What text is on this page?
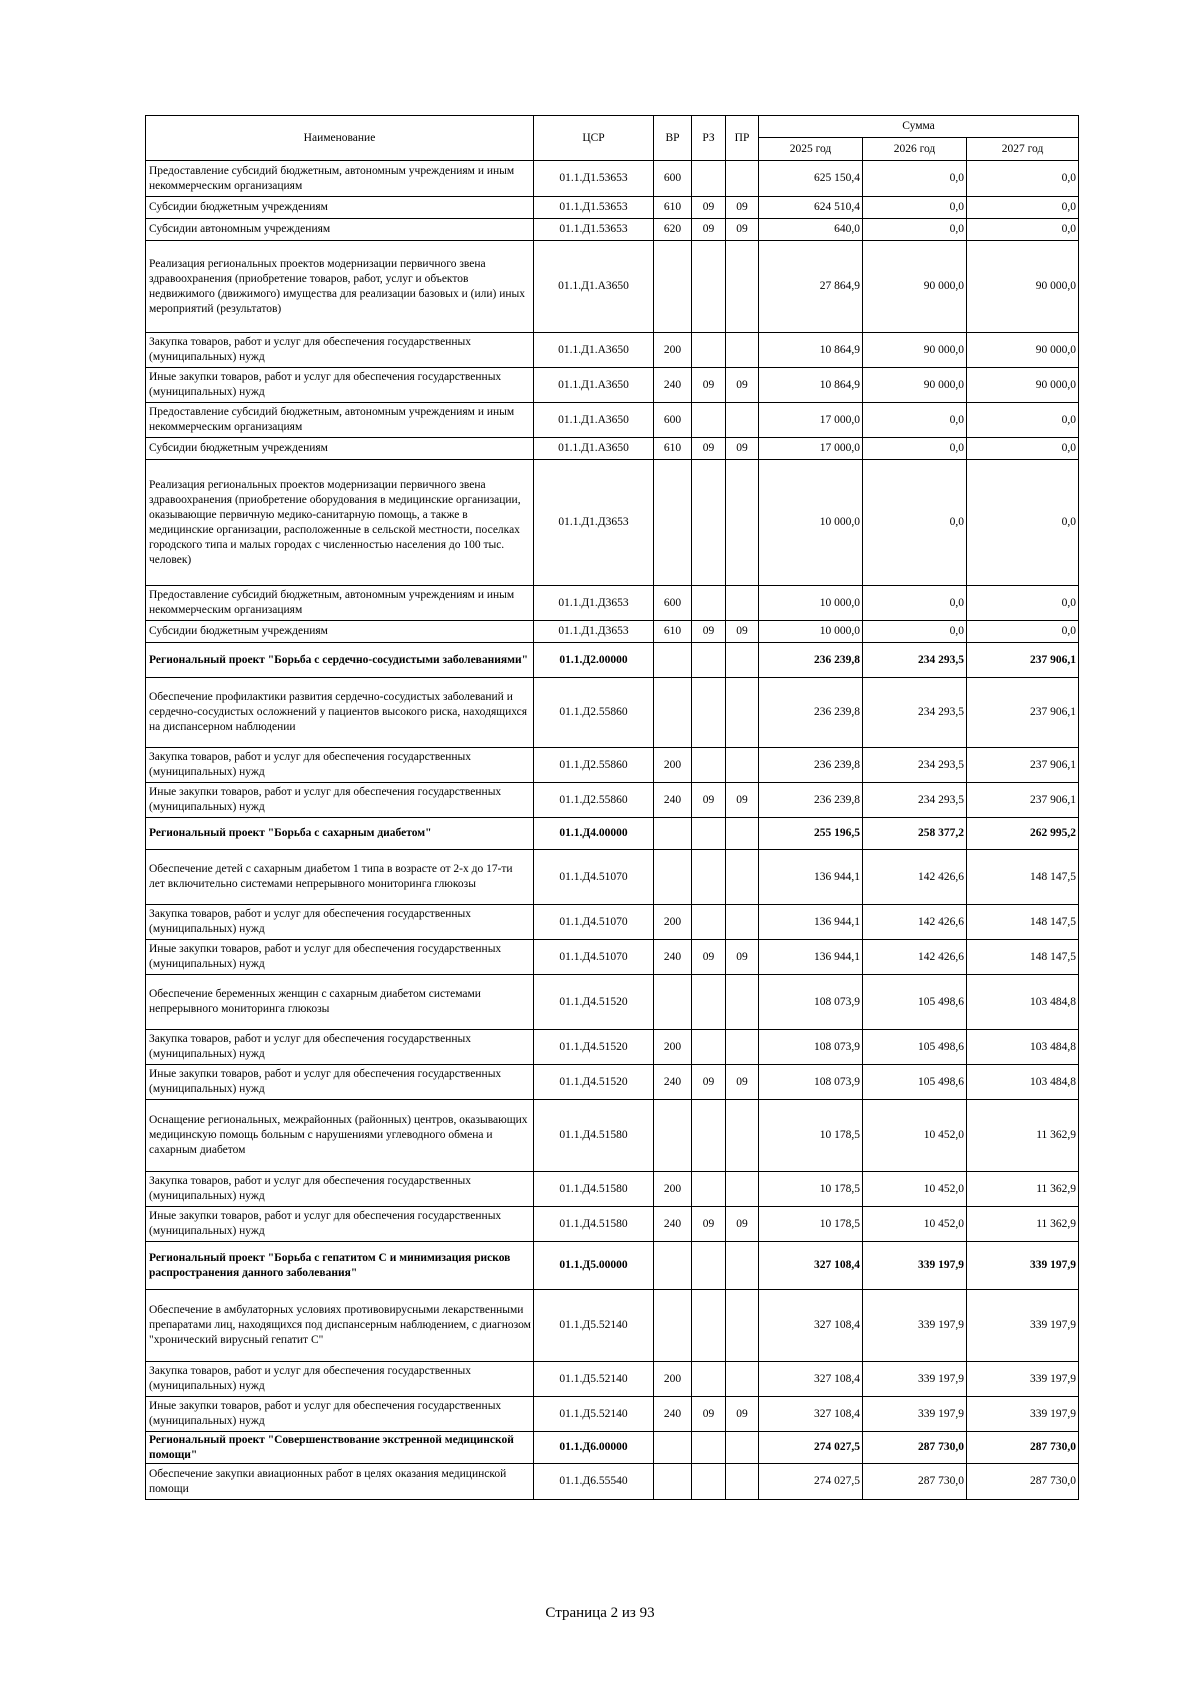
Наименование	ЦСР	ВР	РЗ	ПР	Сумма		
					2025 год	2026 год	2027 год
Предоставление субсидий бюджетным, автономным учреждениям и иным некоммерческим организациям	01.1.Д1.53653	600			625 150,4	0,0	0,0
Субсидии бюджетным учреждениям	01.1.Д1.53653	610	09	09	624 510,4	0,0	0,0
Субсидии автономным учреждениям	01.1.Д1.53653	620	09	09	640,0	0,0	0,0
Реализация региональных проектов модернизации первичного звена здравоохранения (приобретение товаров, работ, услуг и объектов недвижимого (движимого) имущества для реализации базовых и (или) иных мероприятий (результатов)	01.1.Д1.А3650				27 864,9	90 000,0	90 000,0
Закупка товаров, работ и услуг для обеспечения государственных (муниципальных) нужд	01.1.Д1.А3650	200			10 864,9	90 000,0	90 000,0
Иные закупки товаров, работ и услуг для обеспечения государственных (муниципальных) нужд	01.1.Д1.А3650	240	09	09	10 864,9	90 000,0	90 000,0
Предоставление субсидий бюджетным, автономным учреждениям и иным некоммерческим организациям	01.1.Д1.А3650	600			17 000,0	0,0	0,0
Субсидии бюджетным учреждениям	01.1.Д1.А3650	610	09	09	17 000,0	0,0	0,0
Реализация региональных проектов модернизации первичного звена здравоохранения (приобретение оборудования в медицинские организации, оказывающие первичную медико-санитарную помощь, а также в медицинские организации, расположенные в сельской местности, поселках городского типа и малых городах с численностью населения до 100 тыс. человек)	01.1.Д1.Д3653				10 000,0	0,0	0,0
Предоставление субсидий бюджетным, автономным учреждениям и иным некоммерческим организациям	01.1.Д1.Д3653	600			10 000,0	0,0	0,0
Субсидии бюджетным учреждениям	01.1.Д1.Д3653	610	09	09	10 000,0	0,0	0,0
Региональный проект "Борьба с сердечно-сосудистыми заболеваниями"	01.1.Д2.00000				236 239,8	234 293,5	237 906,1
Обеспечение профилактики развития сердечно-сосудистых заболеваний и сердечно-сосудистых осложнений у пациентов высокого риска, находящихся на диспансерном наблюдении	01.1.Д2.55860				236 239,8	234 293,5	237 906,1
Закупка товаров, работ и услуг для обеспечения государственных (муниципальных) нужд	01.1.Д2.55860	200			236 239,8	234 293,5	237 906,1
Иные закупки товаров, работ и услуг для обеспечения государственных (муниципальных) нужд	01.1.Д2.55860	240	09	09	236 239,8	234 293,5	237 906,1
Региональный проект "Борьба с сахарным диабетом"	01.1.Д4.00000				255 196,5	258 377,2	262 995,2
Обеспечение детей с сахарным диабетом 1 типа в возрасте от 2-х до 17-ти лет включительно системами непрерывного мониторинга глюкозы	01.1.Д4.51070				136 944,1	142 426,6	148 147,5
Закупка товаров, работ и услуг для обеспечения государственных (муниципальных) нужд	01.1.Д4.51070	200			136 944,1	142 426,6	148 147,5
Иные закупки товаров, работ и услуг для обеспечения государственных (муниципальных) нужд	01.1.Д4.51070	240	09	09	136 944,1	142 426,6	148 147,5
Обеспечение беременных женщин с сахарным диабетом системами непрерывного мониторинга глюкозы	01.1.Д4.51520				108 073,9	105 498,6	103 484,8
Закупка товаров, работ и услуг для обеспечения государственных (муниципальных) нужд	01.1.Д4.51520	200			108 073,9	105 498,6	103 484,8
Иные закупки товаров, работ и услуг для обеспечения государственных (муниципальных) нужд	01.1.Д4.51520	240	09	09	108 073,9	105 498,6	103 484,8
Оснащение региональных, межрайонных (районных) центров, оказывающих медицинскую помощь больным с нарушениями углеводного обмена и сахарным диабетом	01.1.Д4.51580				10 178,5	10 452,0	11 362,9
Закупка товаров, работ и услуг для обеспечения государственных (муниципальных) нужд	01.1.Д4.51580	200			10 178,5	10 452,0	11 362,9
Иные закупки товаров, работ и услуг для обеспечения государственных (муниципальных) нужд	01.1.Д4.51580	240	09	09	10 178,5	10 452,0	11 362,9
Региональный проект "Борьба с гепатитом С и минимизация рисков распространения данного заболевания"	01.1.Д5.00000				327 108,4	339 197,9	339 197,9
Обеспечение в амбулаторных условиях противовирусными лекарственными препаратами лиц, находящихся под диспансерным наблюдением, с диагнозом "хронический вирусный гепатит С"	01.1.Д5.52140				327 108,4	339 197,9	339 197,9
Закупка товаров, работ и услуг для обеспечения государственных (муниципальных) нужд	01.1.Д5.52140	200			327 108,4	339 197,9	339 197,9
Иные закупки товаров, работ и услуг для обеспечения государственных (муниципальных) нужд	01.1.Д5.52140	240	09	09	327 108,4	339 197,9	339 197,9
Региональный проект "Совершенствование экстренной медицинской помощи"	01.1.Д6.00000				274 027,5	287 730,0	287 730,0
Обеспечение закупки авиационных работ в целях оказания медицинской помощи	01.1.Д6.55540				274 027,5	287 730,0	287 730,0
Страница 2 из 93
